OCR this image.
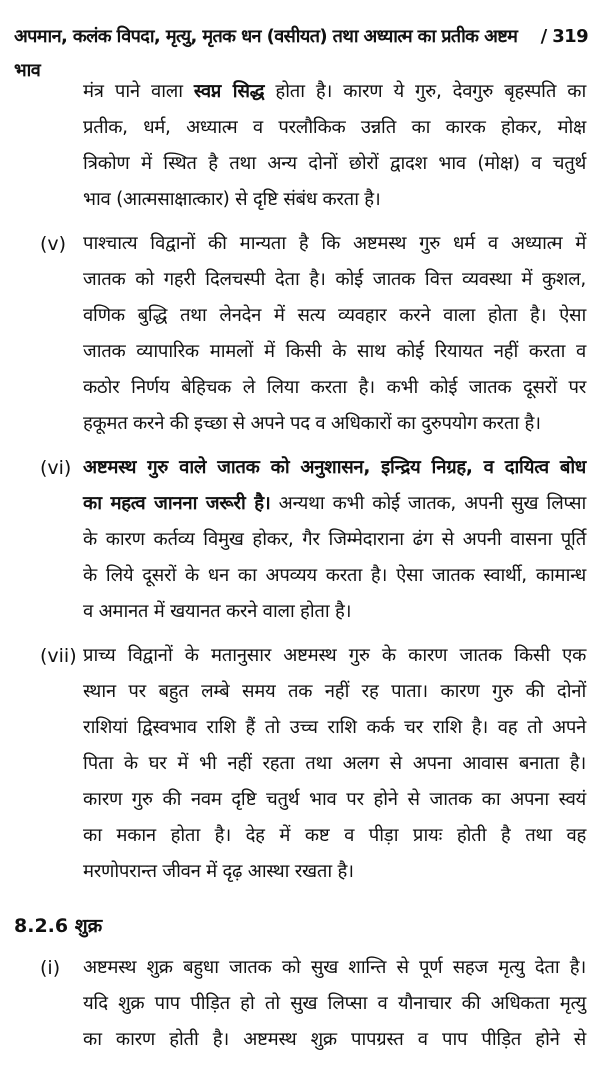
अपमान, कलंक विपदा, मृत्यु, मृतक धन (वसीयत) तथा अध्यात्म का प्रतीक अष्टम भाव
/ 319
मंत्र पाने वाला स्वप्न सिद्ध होता है। कारण ये गुरु, देवगुरु बृहस्पति का
प्रतीक, धर्म, अध्यात्म व परलौकिक उन्नति का कारक होकर, मोक्ष
त्रिकोण में स्थित है तथा अन्य दोनों छोरों द्वादश भाव (मोक्ष) व चतुर्थ
भाव (आत्मसाक्षात्कार) से दृष्टि संबंध करता है।
(v) पाश्चात्य विद्वानों की मान्यता है कि अष्टमस्थ गुरु धर्म व अध्यात्म में
जातक को गहरी दिलचस्पी देता है। कोई जातक वित्त व्यवस्था में कुशल,
वणिक बुद्धि तथा लेनदेन में सत्य व्यवहार करने वाला होता है। ऐसा
जातक व्यापारिक मामलों में किसी के साथ कोई रियायत नहीं करता व
कठोर निर्णय बेहिचक ले लिया करता है। कभी कोई जातक दूसरों पर
हकूमत करने की इच्छा से अपने पद व अधिकारों का दुरुपयोग करता है।
(vi) अष्टमस्थ गुरु वाले जातक को अनुशासन, इन्द्रिय निग्रह, व दायित्व बोध
का महत्व जानना जरूरी है। अन्यथा कभी कोई जातक, अपनी सुख लिप्सा
के कारण कर्तव्य विमुख होकर, गैर जिम्मेदाराना ढंग से अपनी वासना पूर्ति
के लिये दूसरों के धन का अपव्यय करता है। ऐसा जातक स्वार्थी, कामान्ध
व अमानत में खयानत करने वाला होता है।
(vii) प्राच्य विद्वानों के मतानुसार अष्टमस्थ गुरु के कारण जातक किसी एक
स्थान पर बहुत लम्बे समय तक नहीं रह पाता। कारण गुरु की दोनों
राशियां द्विस्वभाव राशि हैं तो उच्च राशि कर्क चर राशि है। वह तो अपने
पिता के घर में भी नहीं रहता तथा अलग से अपना आवास बनाता है।
कारण गुरु की नवम दृष्टि चतुर्थ भाव पर होने से जातक का अपना स्वयं
का मकान होता है। देह में कष्ट व पीड़ा प्रायः होती है तथा वह
मरणोपरान्त जीवन में दृढ़ आस्था रखता है।
8.2.6 शुक्र
(i) अष्टमस्थ शुक्र बहुधा जातक को सुख शान्ति से पूर्ण सहज मृत्यु देता है।
यदि शुक्र पाप पीड़ित हो तो सुख लिप्सा व यौनाचार की अधिकता मृत्यु
का कारण होती है। अष्टमस्थ शुक्र पापग्रस्त व पाप पीड़ित होने से
